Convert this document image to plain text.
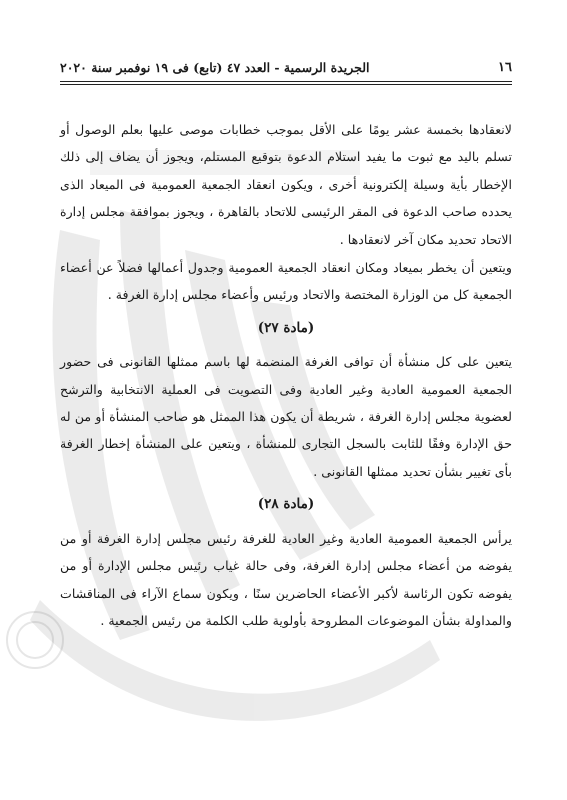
١٦
الجريدة الرسمية - العدد ٤٧ (تابع) فى ١٩ نوفمبر سنة ٢٠٢٠

لانعقادها بخمسة عشر يومًا على الأقل بموجب خطابات موصى عليها بعلم الوصول أو تسلم باليد مع ثبوت ما يفيد استلام الدعوة بتوقيع المستلم، ويجوز أن يضاف إلى ذلك الإخطار بأية وسيلة إلكترونية أخرى ، ويكون انعقاد الجمعية العمومية فى الميعاد الذى يحدده صاحب الدعوة فى المقر الرئيسى للاتحاد بالقاهرة ، ويجوز بموافقة مجلس إدارة الاتحاد تحديد مكان آخر لانعقادها .

ويتعين أن يخطر بميعاد ومكان انعقاد الجمعية العمومية وجدول أعمالها فضلاً عن أعضاء الجمعية كل من الوزارة المختصة والاتحاد ورئيس وأعضاء مجلس إدارة الغرفة .

(مادة ٢٧)

يتعين على كل منشأة أن توافى الغرفة المنضمة لها باسم ممثلها القانونى فى حضور الجمعية العمومية العادية وغير العادية وفى التصويت فى العملية الانتخابية والترشح لعضوية مجلس إدارة الغرفة ، شريطة أن يكون هذا الممثل هو صاحب المنشأة أو من له حق الإدارة وفقًا للثابت بالسجل التجارى للمنشأة ، ويتعين على المنشأة إخطار الغرفة بأى تغيير بشأن تحديد ممثلها القانونى .

(مادة ٢٨)

يرأس الجمعية العمومية العادية وغير العادية للغرفة رئيس مجلس إدارة الغرفة أو من يفوضه من أعضاء مجلس إدارة الغرفة، وفى حالة غياب رئيس مجلس الإدارة أو من يفوضه تكون الرئاسة لأكبر الأعضاء الحاضرين سنًا ، ويكون سماع الآراء فى المناقشات والمداولة بشأن الموضوعات المطروحة بأولوية طلب الكلمة من رئيس الجمعية .
